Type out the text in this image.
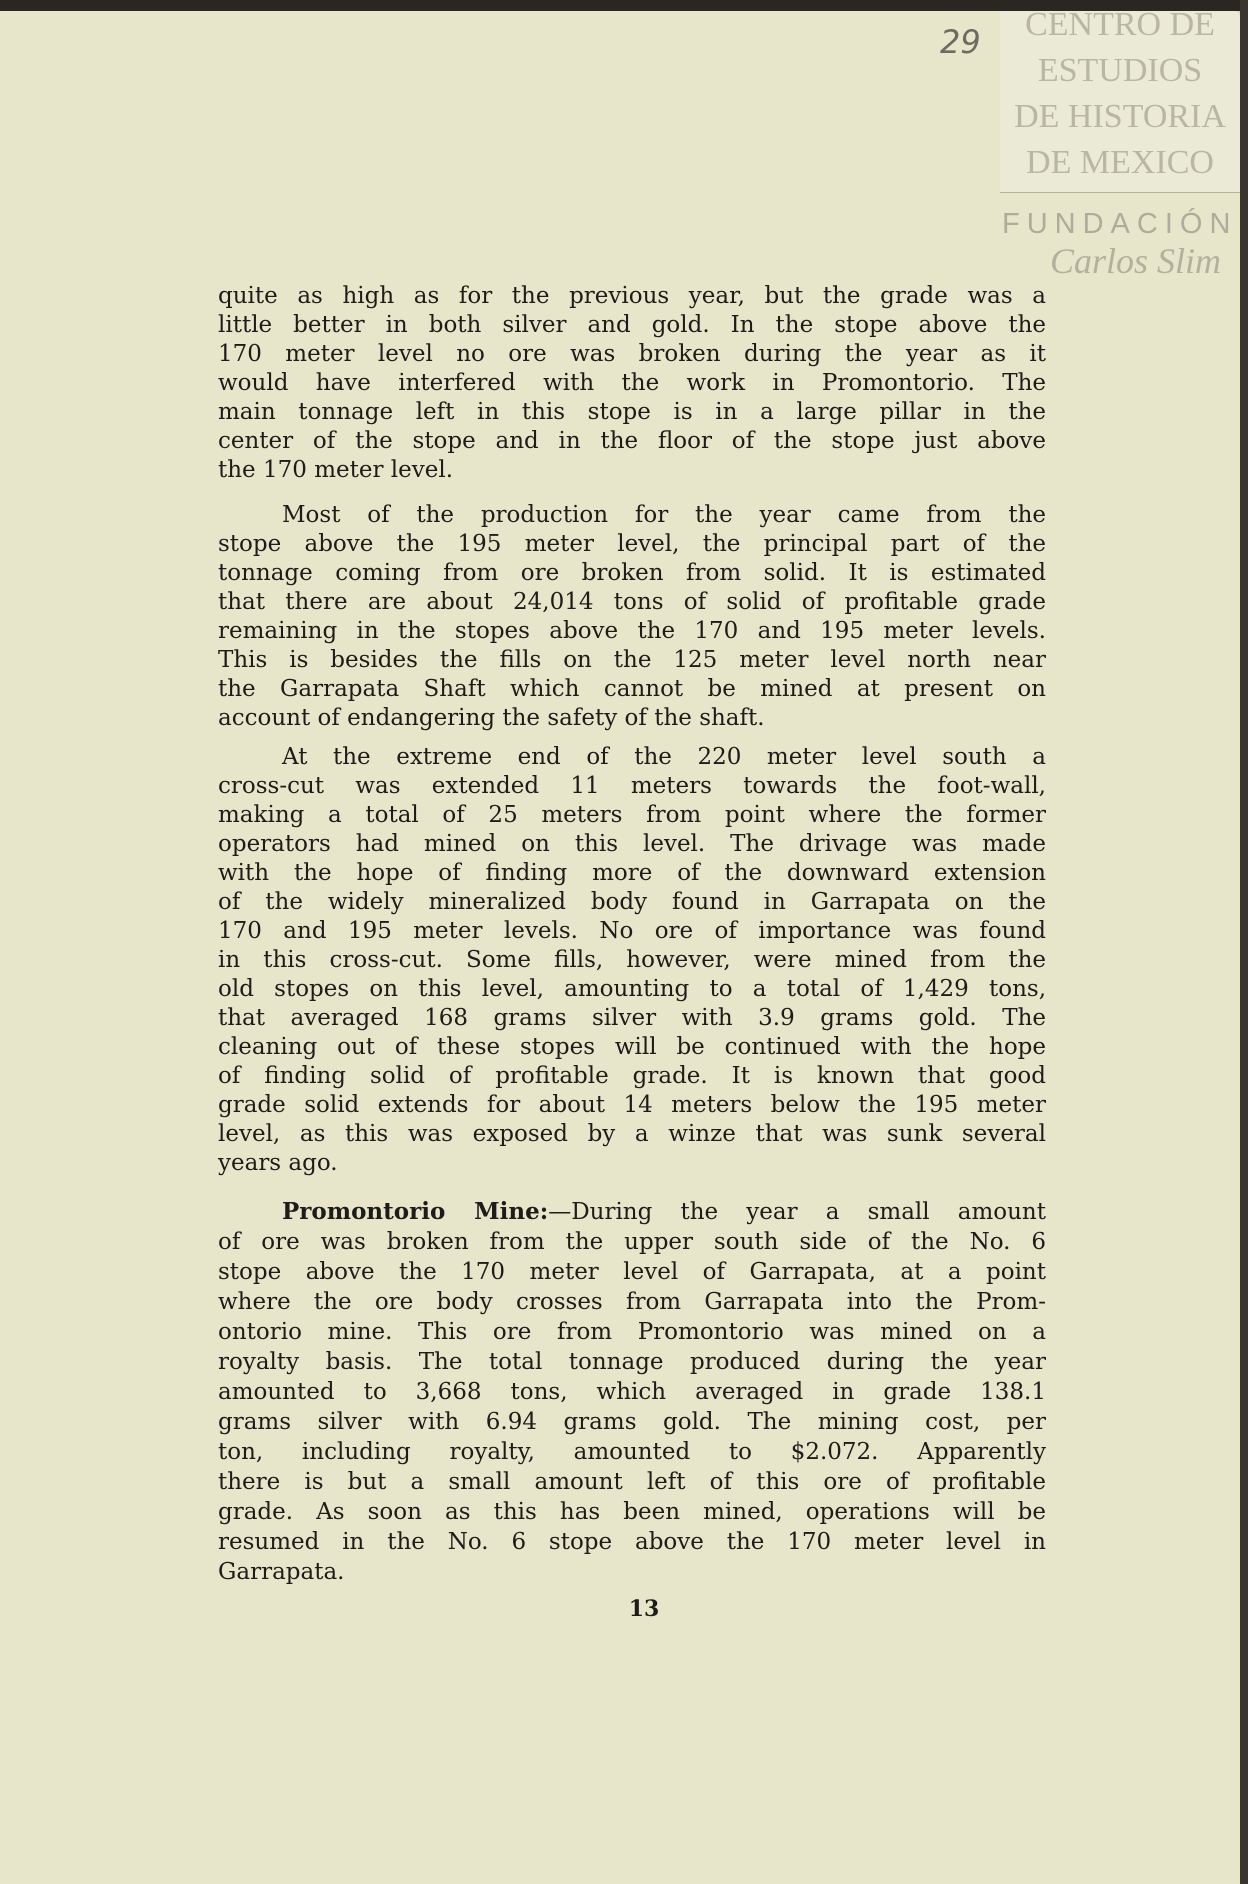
CENTRO DE
ESTUDIOS
DE HISTORIA
DE MEXICO
FUNDACIÓN
Carlos Slim
29
quite as high as for the previous year, but the grade was a
little better in both silver and gold. In the stope above the
170 meter level no ore was broken during the year as it
would have interfered with the work in Promontorio. The
main tonnage left in this stope is in a large pillar in the
center of the stope and in the floor of the stope just above
the 170 meter level.
Most of the production for the year came from the
stope above the 195 meter level, the principal part of the
tonnage coming from ore broken from solid. It is estimated
that there are about 24,014 tons of solid of profitable grade
remaining in the stopes above the 170 and 195 meter levels.
This is besides the fills on the 125 meter level north near
the Garrapata Shaft which cannot be mined at present on
account of endangering the safety of the shaft.
At the extreme end of the 220 meter level south a
cross-cut was extended 11 meters towards the foot-wall,
making a total of 25 meters from point where the former
operators had mined on this level. The drivage was made
with the hope of finding more of the downward extension
of the widely mineralized body found in Garrapata on the
170 and 195 meter levels. No ore of importance was found
in this cross-cut. Some fills, however, were mined from the
old stopes on this level, amounting to a total of 1,429 tons,
that averaged 168 grams silver with 3.9 grams gold. The
cleaning out of these stopes will be continued with the hope
of finding solid of profitable grade. It is known that good
grade solid extends for about 14 meters below the 195 meter
level, as this was exposed by a winze that was sunk several
years ago.
Promontorio Mine:—During the year a small amount
of ore was broken from the upper south side of the No. 6
stope above the 170 meter level of Garrapata, at a point
where the ore body crosses from Garrapata into the Prom-
ontorio mine. This ore from Promontorio was mined on a
royalty basis. The total tonnage produced during the year
amounted to 3,668 tons, which averaged in grade 138.1
grams silver with 6.94 grams gold. The mining cost, per
ton, including royalty, amounted to $2.072. Apparently
there is but a small amount left of this ore of profitable
grade. As soon as this has been mined, operations will be
resumed in the No. 6 stope above the 170 meter level in
Garrapata.
13
